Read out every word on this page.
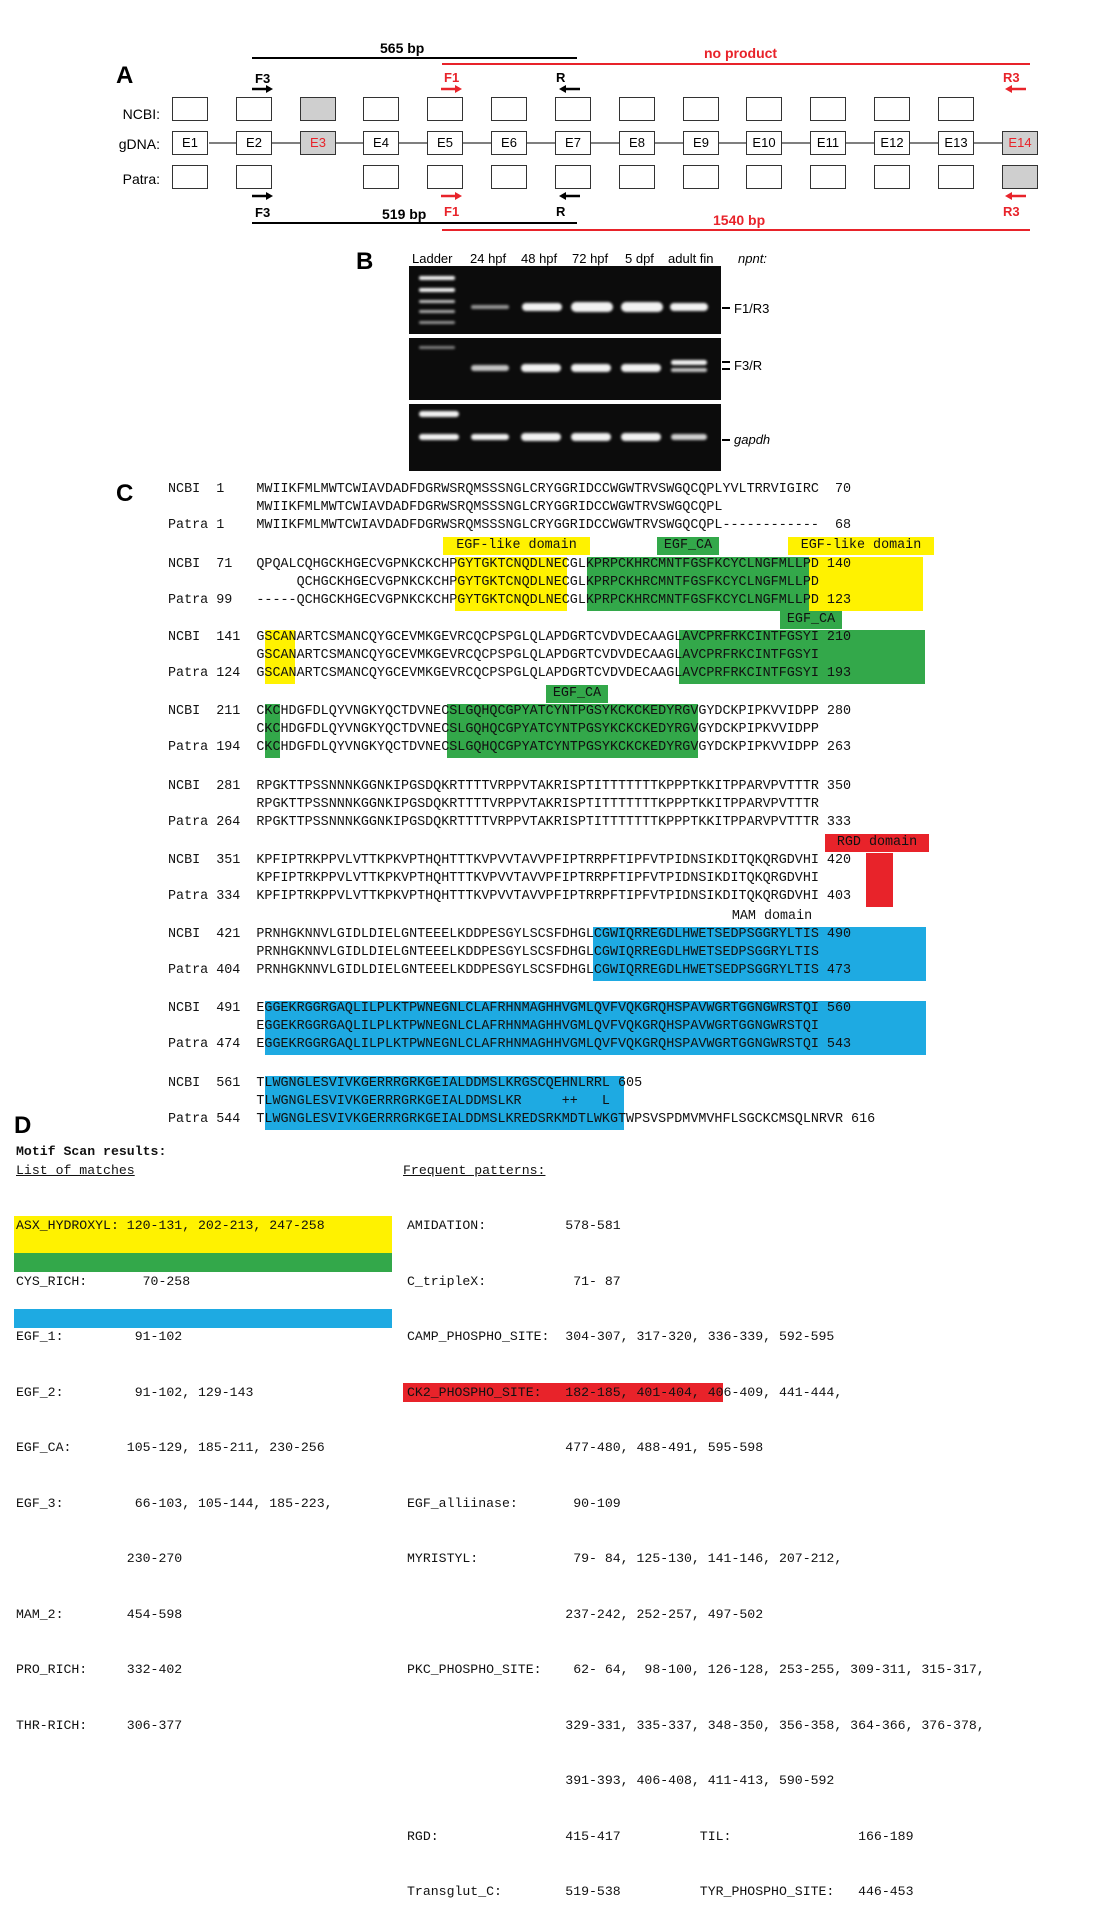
A
565 bp	no product
F3	F1	R	R3
NCBI:
gDNA:
Patra:
E1	E2	E3	E4	E5	E6	E7	E8	E9	E10	E11	E12	E13	E14
F3	F1	R	R3
519 bp	1540 bp
B	Ladder 24 hpf 48 hpf 72 hpf 5 dpf adult fin npnt:
F1/R3
F3/R
gapdh
C
EGF-like domain	EGF_CA	EGF-like domain
EGF_CA
EGF_CA
RGD domain
MAM domain
NCBI  1    MWIIKFMLMWTCWIAVDADFDGRWSRQMSSSNGLCRYGGRIDCCWGWTRVSWGQCQPLYVLTRRVIGIRC  70
MWIIKFMLMWTCWIAVDADFDGRWSRQMSSSNGLCRYGGRIDCCWGWTRVSWGQCQPL
Patra 1    MWIIKFMLMWTCWIAVDADFDGRWSRQMSSSNGLCRYGGRIDCCWGWTRVSWGQCQPL------------  68
NCBI  71   QPQALCQHGCKHGECVGPNKCKCHPGYTGKTCNQDLNECGLKPRPCKHRCMNTFGSFKCYCLNGFMLLPD 140
QCHGCKHGECVGPNKCKCHPGYTGKTCNQDLNECGLKPRPCKHRCMNTFGSFKCYCLNGFMLLPD
Patra 99   -----QCHGCKHGECVGPNKCKCHPGYTGKTCNQDLNECGLKPRPCKHRCMNTFGSFKCYCLNGFMLLPD 123
NCBI  141  GSCANARTCSMANCQYGCEVMKGEVRCQCPSPGLQLAPDGRTCVDVDECAAGLAVCPRFRKCINTFGSYI 210
GSCANARTCSMANCQYGCEVMKGEVRCQCPSPGLQLAPDGRTCVDVDECAAGLAVCPRFRKCINTFGSYI
Patra 124  GSCANARTCSMANCQYGCEVMKGEVRCQCPSPGLQLAPDGRTCVDVDECAAGLAVCPRFRKCINTFGSYI 193
NCBI  211  CKCHDGFDLQYVNGKYQCTDVNECSLGQHQCGPYATCYNTPGSYKCKCKEDYRGVGYDCKPIPKVVIDPP 280
CKCHDGFDLQYVNGKYQCTDVNECSLGQHQCGPYATCYNTPGSYKCKCKEDYRGVGYDCKPIPKVVIDPP
Patra 194  CKCHDGFDLQYVNGKYQCTDVNECSLGQHQCGPYATCYNTPGSYKCKCKEDYRGVGYDCKPIPKVVIDPP 263
NCBI  281  RPGKTTPSSNNNKGGNKIPGSDQKRTTTTVRPPVTAKRISPTITTTTTTTKPPPTKKITPPARVPVTTTR 350
RPGKTTPSSNNNKGGNKIPGSDQKRTTTTVRPPVTAKRISPTITTTTTTTKPPPTKKITPPARVPVTTTR
Patra 264  RPGKTTPSSNNNKGGNKIPGSDQKRTTTTVRPPVTAKRISPTITTTTTTTKPPPTKKITPPARVPVTTTR 333
NCBI  351  KPFIPTRKPPVLVTTKPKVPTHQHTTTKVPVVTAVVPFIPTRRPFTIPFVTPIDNSIKDITQKQRGDVHI 420
KPFIPTRKPPVLVTTKPKVPTHQHTTTKVPVVTAVVPFIPTRRPFTIPFVTPIDNSIKDITQKQRGDVHI
Patra 334  KPFIPTRKPPVLVTTKPKVPTHQHTTTKVPVVTAVVPFIPTRRPFTIPFVTPIDNSIKDITQKQRGDVHI 403
NCBI  421  PRNHGKNNVLGIDLDIELGNTEEELKDDPESGYLSCSFDHGLCGWIQRREGDLHWETSEDPSGGRYLTIS 490
PRNHGKNNVLGIDLDIELGNTEEELKDDPESGYLSCSFDHGLCGWIQRREGDLHWETSEDPSGGRYLTIS
Patra 404  PRNHGKNNVLGIDLDIELGNTEEELKDDPESGYLSCSFDHGLCGWIQRREGDLHWETSEDPSGGRYLTIS 473
NCBI  491  EGGEKRGGRGAQLILPLKTPWNEGNLCLAFRHNMAGHHVGMLQVFVQKGRQHSPAVWGRTGGNGWRSTQI 560
EGGEKRGGRGAQLILPLKTPWNEGNLCLAFRHNMAGHHVGMLQVFVQKGRQHSPAVWGRTGGNGWRSTQI
Patra 474  EGGEKRGGRGAQLILPLKTPWNEGNLCLAFRHNMAGHHVGMLQVFVQKGRQHSPAVWGRTGGNGWRSTQI 543
NCBI  561  TLWGNGLESVIVKGERRRGRKGEIALDDMSLKRGSCQEHNLRRL 605
TLWGNGLESVIVKGERRRGRKGEIALDDMSLKR     ++   L
Patra 544  TLWGNGLESVIVKGERRRGRKGEIALDDMSLKREDSRKMDTLWKGTWPSVSPDMVMVHFLSGCKCMSQLNRVR 616
D
Motif Scan results:
List of matches	Frequent patterns:

ASX_HYDROXYL: 120-131, 202-213, 247-258

CYS_RICH:       70-258

EGF_1:         91-102

EGF_2:         91-102, 129-143

EGF_CA:       105-129, 185-211, 230-256

EGF_3:         66-103, 105-144, 185-223,

230-270

MAM_2:        454-598

PRO_RICH:     332-402

THR-RICH:     306-377

AMIDATION:          578-581

C_tripleX:           71- 87

CAMP_PHOSPHO_SITE:  304-307, 317-320, 336-339, 592-595

CK2_PHOSPHO_SITE:   182-185, 401-404, 406-409, 441-444,

477-480, 488-491, 595-598

EGF_alliinase:       90-109

MYRISTYL:            79- 84, 125-130, 141-146, 207-212,

237-242, 252-257, 497-502

PKC_PHOSPHO_SITE:    62- 64,  98-100, 126-128, 253-255, 309-311, 315-317,

329-331, 335-337, 348-350, 356-358, 364-366, 376-378,

391-393, 406-408, 411-413, 590-592

RGD:                415-417          TIL:                166-189

Transglut_C:        519-538          TYR_PHOSPHO_SITE:   446-453
